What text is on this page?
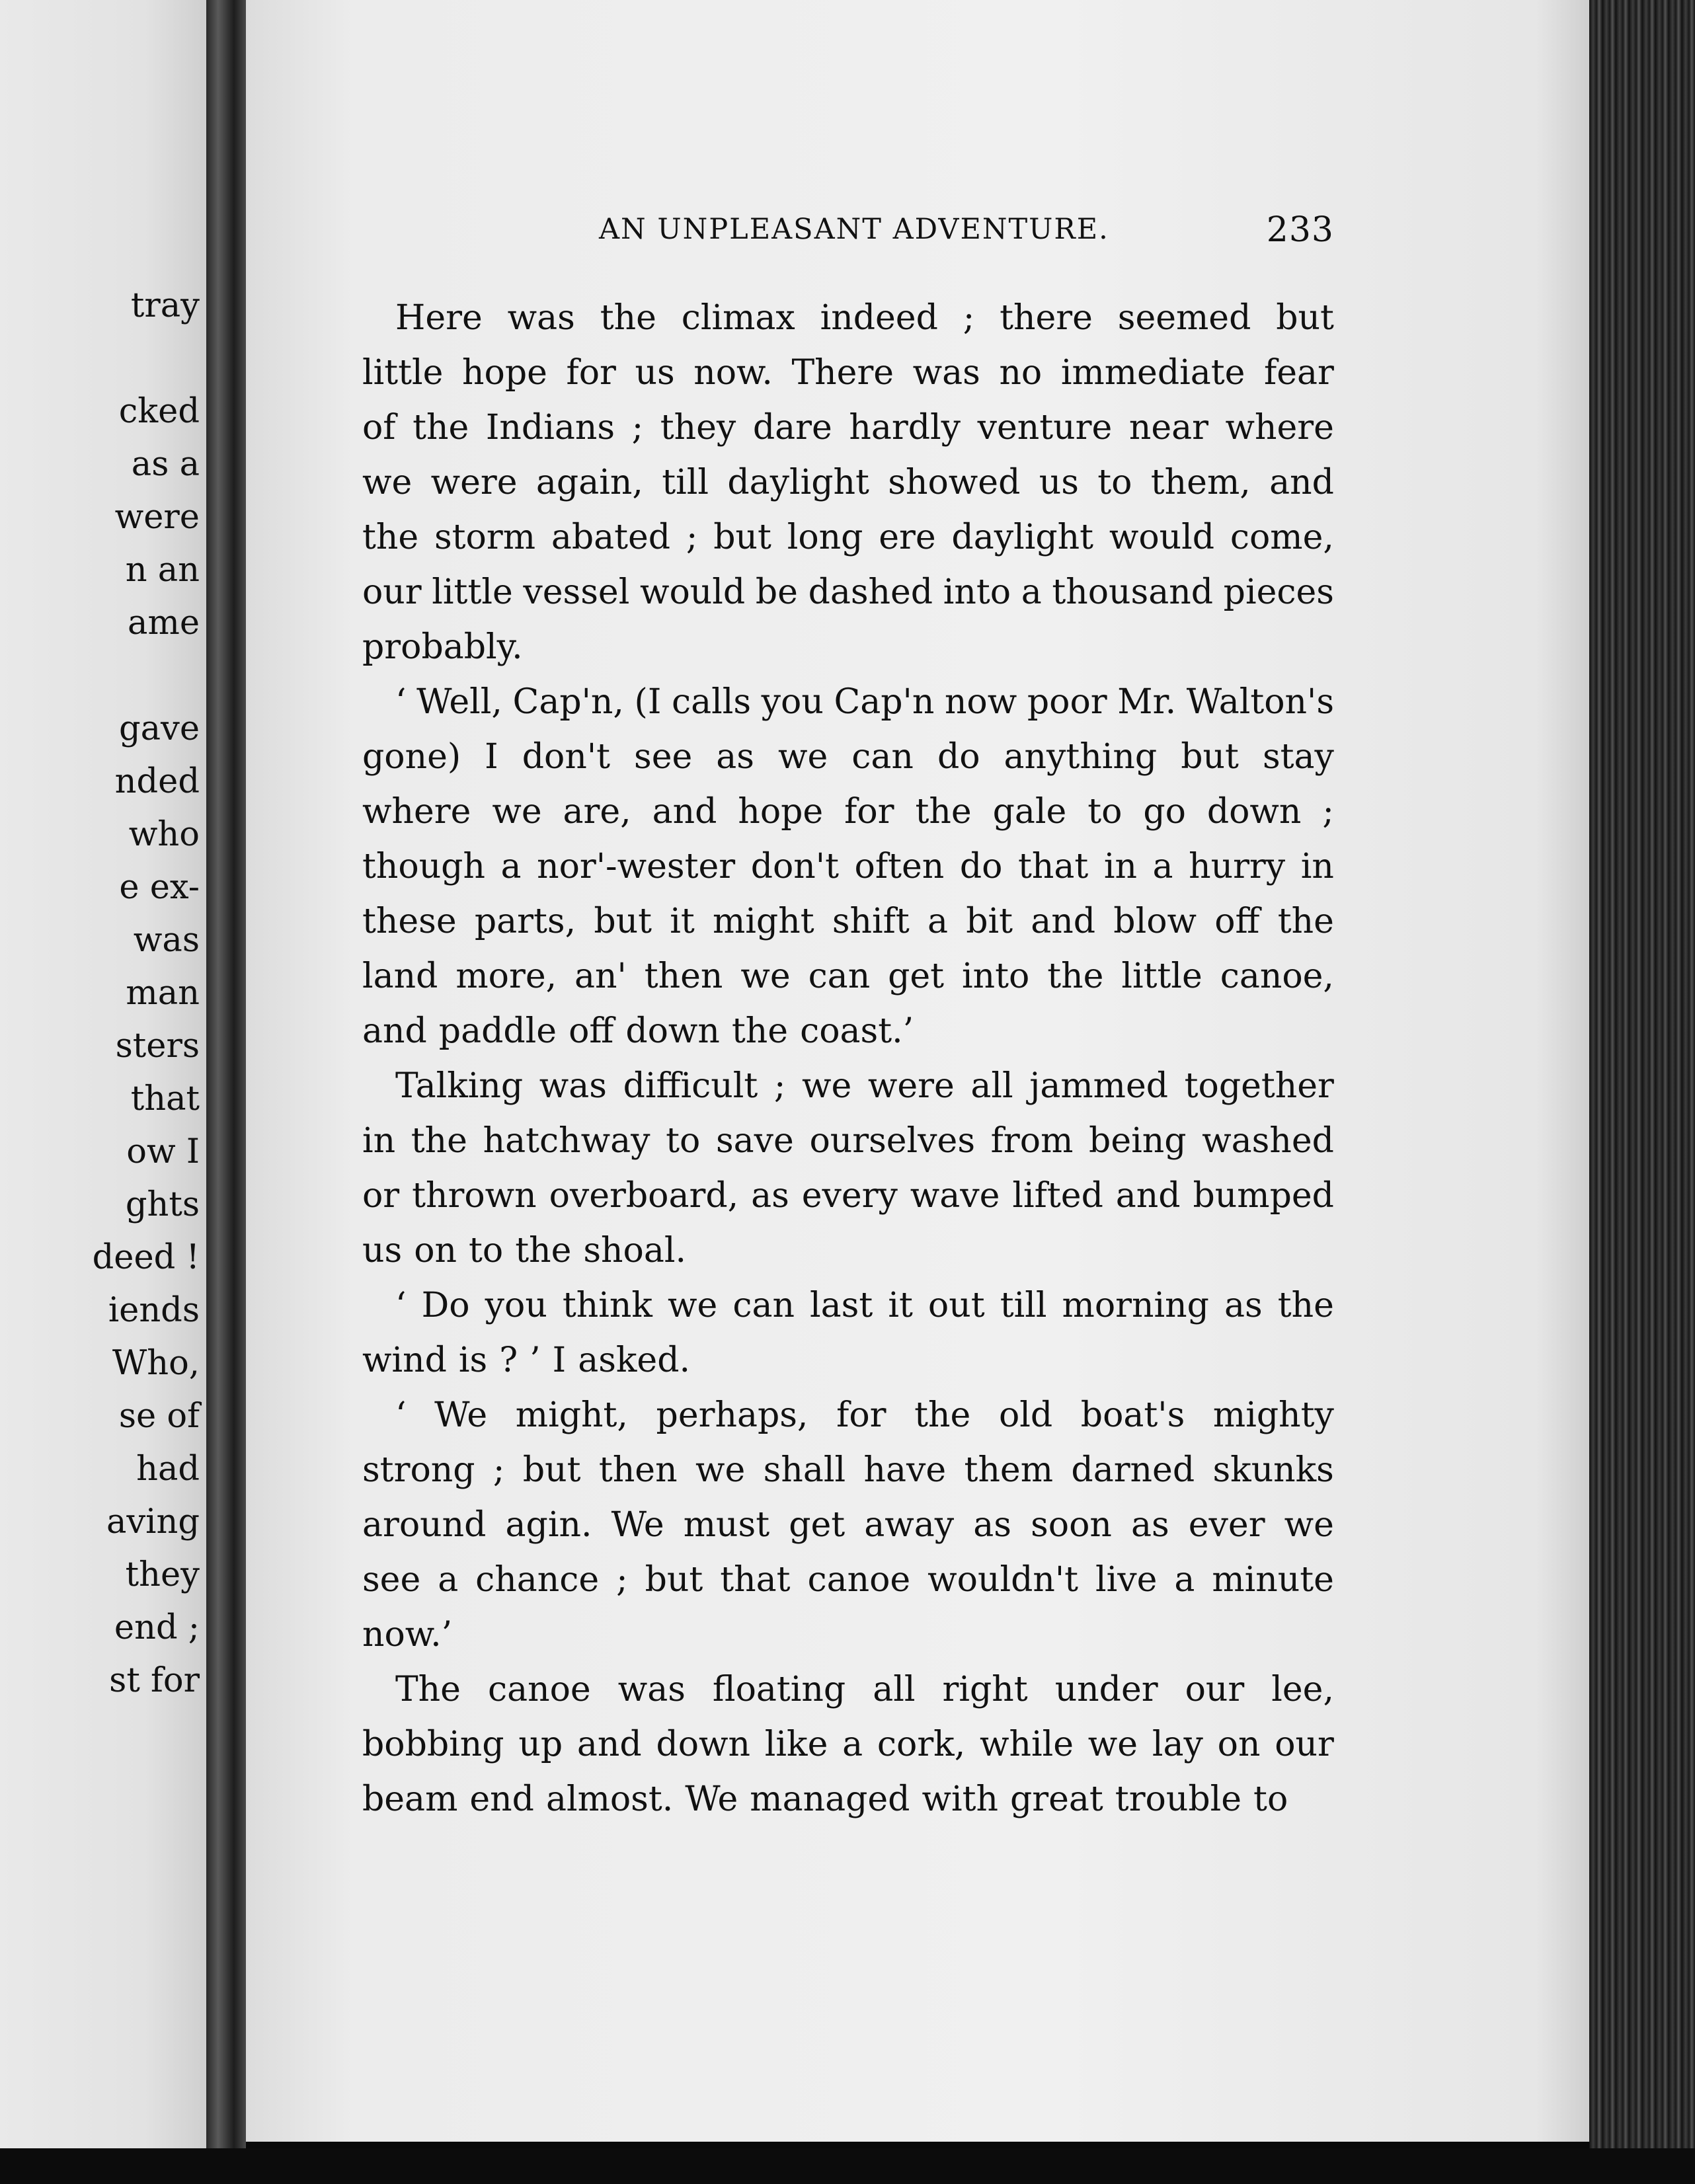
tray
cked
as a
were
n an
ame
gave
nded
who
e ex-
was
man
sters
that
ow I
ghts
deed !
iends
Who,
se of
had
aving
they
end ;
st for
AN UNPLEASANT ADVENTURE.	233
Here was the climax indeed ; there seemed but
little hope for us now. There was no immediate fear
of the Indians ; they dare hardly venture near where
we were again, till daylight showed us to them, and
the storm abated ; but long ere daylight would come,
our little vessel would be dashed into a thousand pieces
probably.
‘ Well, Cap'n, (I calls you Cap'n now poor Mr. Walton's
gone) I don't see as we can do anything but stay
where we are, and hope for the gale to go down ;
though a nor'-wester don't often do that in a hurry in
these parts, but it might shift a bit and blow off the
land more, an' then we can get into the little canoe,
and paddle off down the coast.’
Talking was difficult ; we were all jammed together
in the hatchway to save ourselves from being washed
or thrown overboard, as every wave lifted and bumped
us on to the shoal.
‘ Do you think we can last it out till morning as the
wind is ? ’ I asked.
‘ We might, perhaps, for the old boat's mighty
strong ; but then we shall have them darned skunks
around agin. We must get away as soon as ever we
see a chance ; but that canoe wouldn't live a minute
now.’
The canoe was floating all right under our lee,
bobbing up and down like a cork, while we lay on our
beam end almost. We managed with great trouble to
